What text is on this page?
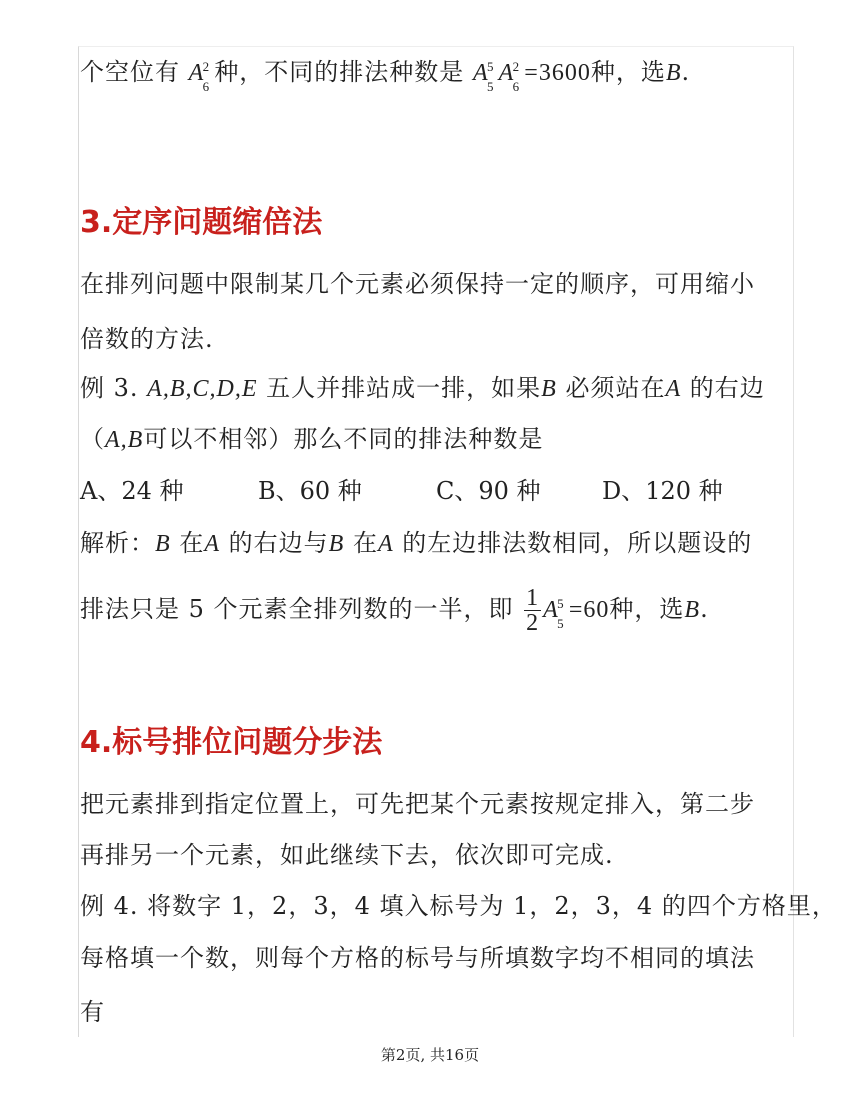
个空位有 A
2
6
种，不同的排法种数是 A
5
5
A
2
6
=3600种，选B.
3.定序问题缩倍法
在排列问题中限制某几个元素必须保持一定的顺序，可用缩小
倍数的方法.
例 3. A,B,C,D,E 五人并排站成一排，如果B 必须站在A 的右边
（A,B可以不相邻）那么不同的排法种数是
A、24 种	B、60 种	C、90 种	D、120 种
解析：B 在A 的右边与B 在A 的左边排法数相同，所以题设的
排法只是 5 个元素全排列数的一半，即 $\frac{1}{2}$ A
5
5
=60种，选B.
4.标号排位问题分步法
把元素排到指定位置上，可先把某个元素按规定排入，第二步
再排另一个元素，如此继续下去，依次即可完成.
例 4. 将数字 1，2，3，4 填入标号为 1，2，3，4 的四个方格里，
每格填一个数，则每个方格的标号与所填数字均不相同的填法
有
第2页, 共16页
